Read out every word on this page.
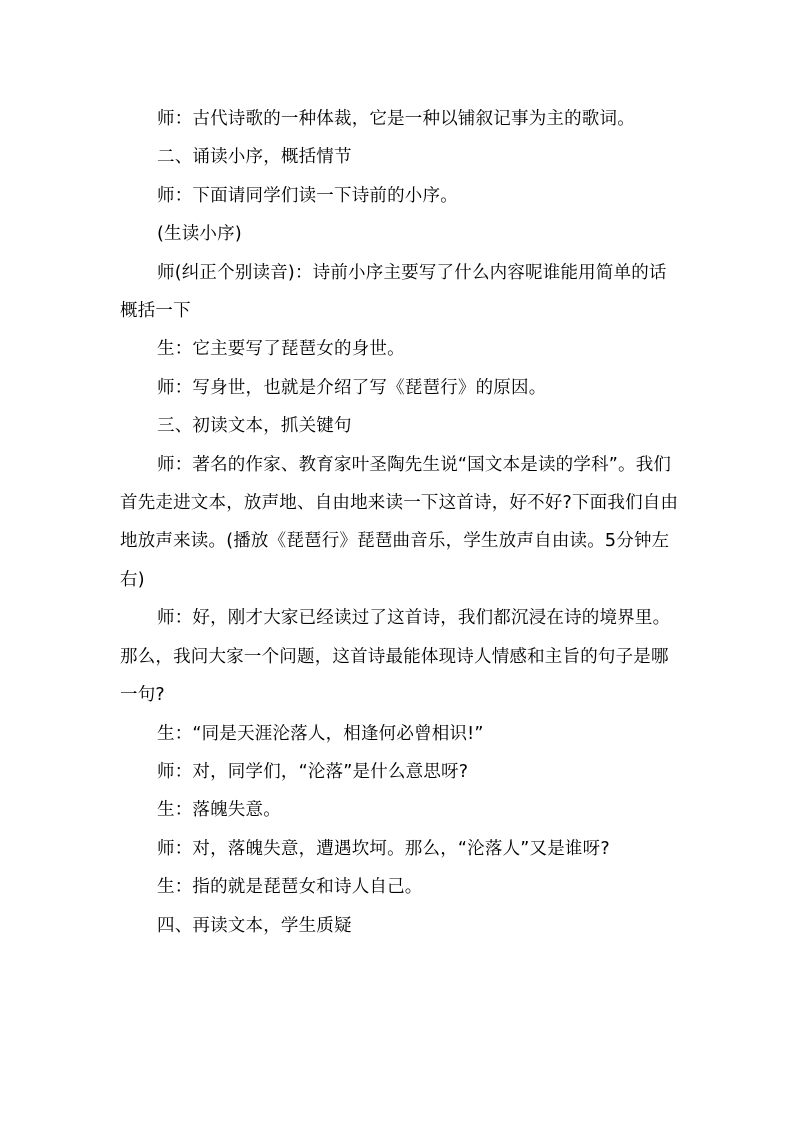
师：古代诗歌的一种体裁，它是一种以铺叙记事为主的歌词。

二、诵读小序，概括情节

师：下面请同学们读一下诗前的小序。

(生读小序)

师(纠正个别读音)：诗前小序主要写了什么内容呢谁能用简单的话概括一下

生：它主要写了琵琶女的身世。

师：写身世，也就是介绍了写《琵琶行》的原因。

三、初读文本，抓关键句

师：著名的作家、教育家叶圣陶先生说“国文本是读的学科”。我们首先走进文本，放声地、自由地来读一下这首诗，好不好?下面我们自由地放声来读。(播放《琵琶行》琵琶曲音乐，学生放声自由读。5分钟左右)

师：好，刚才大家已经读过了这首诗，我们都沉浸在诗的境界里。那么，我问大家一个问题，这首诗最能体现诗人情感和主旨的句子是哪一句?

生：“同是天涯沦落人，相逢何必曾相识!”

师：对，同学们，“沦落”是什么意思呀?

生：落魄失意。

师：对，落魄失意，遭遇坎坷。那么，“沦落人”又是谁呀?

生：指的就是琵琶女和诗人自己。

四、再读文本，学生质疑
